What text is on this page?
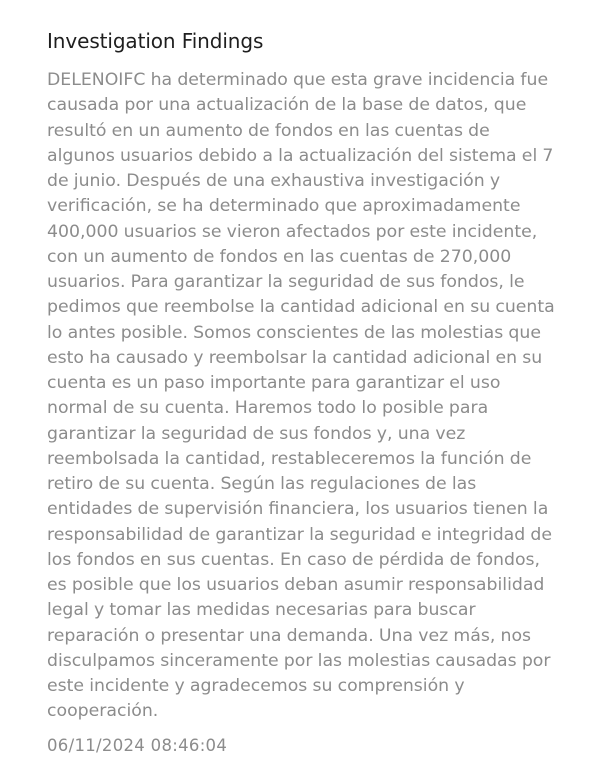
Investigation Findings

DELENOIFC ha determinado que esta grave incidencia fue causada por una actualización de la base de datos, que resultó en un aumento de fondos en las cuentas de algunos usuarios debido a la actualización del sistema el 7 de junio. Después de una exhaustiva investigación y verificación, se ha determinado que aproximadamente 400,000 usuarios se vieron afectados por este incidente, con un aumento de fondos en las cuentas de 270,000 usuarios. Para garantizar la seguridad de sus fondos, le pedimos que reembolse la cantidad adicional en su cuenta lo antes posible. Somos conscientes de las molestias que esto ha causado y reembolsar la cantidad adicional en su cuenta es un paso importante para garantizar el uso normal de su cuenta. Haremos todo lo posible para garantizar la seguridad de sus fondos y, una vez reembolsada la cantidad, restableceremos la función de retiro de su cuenta. Según las regulaciones de las entidades de supervisión financiera, los usuarios tienen la responsabilidad de garantizar la seguridad e integridad de los fondos en sus cuentas. En caso de pérdida de fondos, es posible que los usuarios deban asumir responsabilidad legal y tomar las medidas necesarias para buscar reparación o presentar una demanda. Una vez más, nos disculpamos sinceramente por las molestias causadas por este incidente y agradecemos su comprensión y cooperación.

06/11/2024 08:46:04
